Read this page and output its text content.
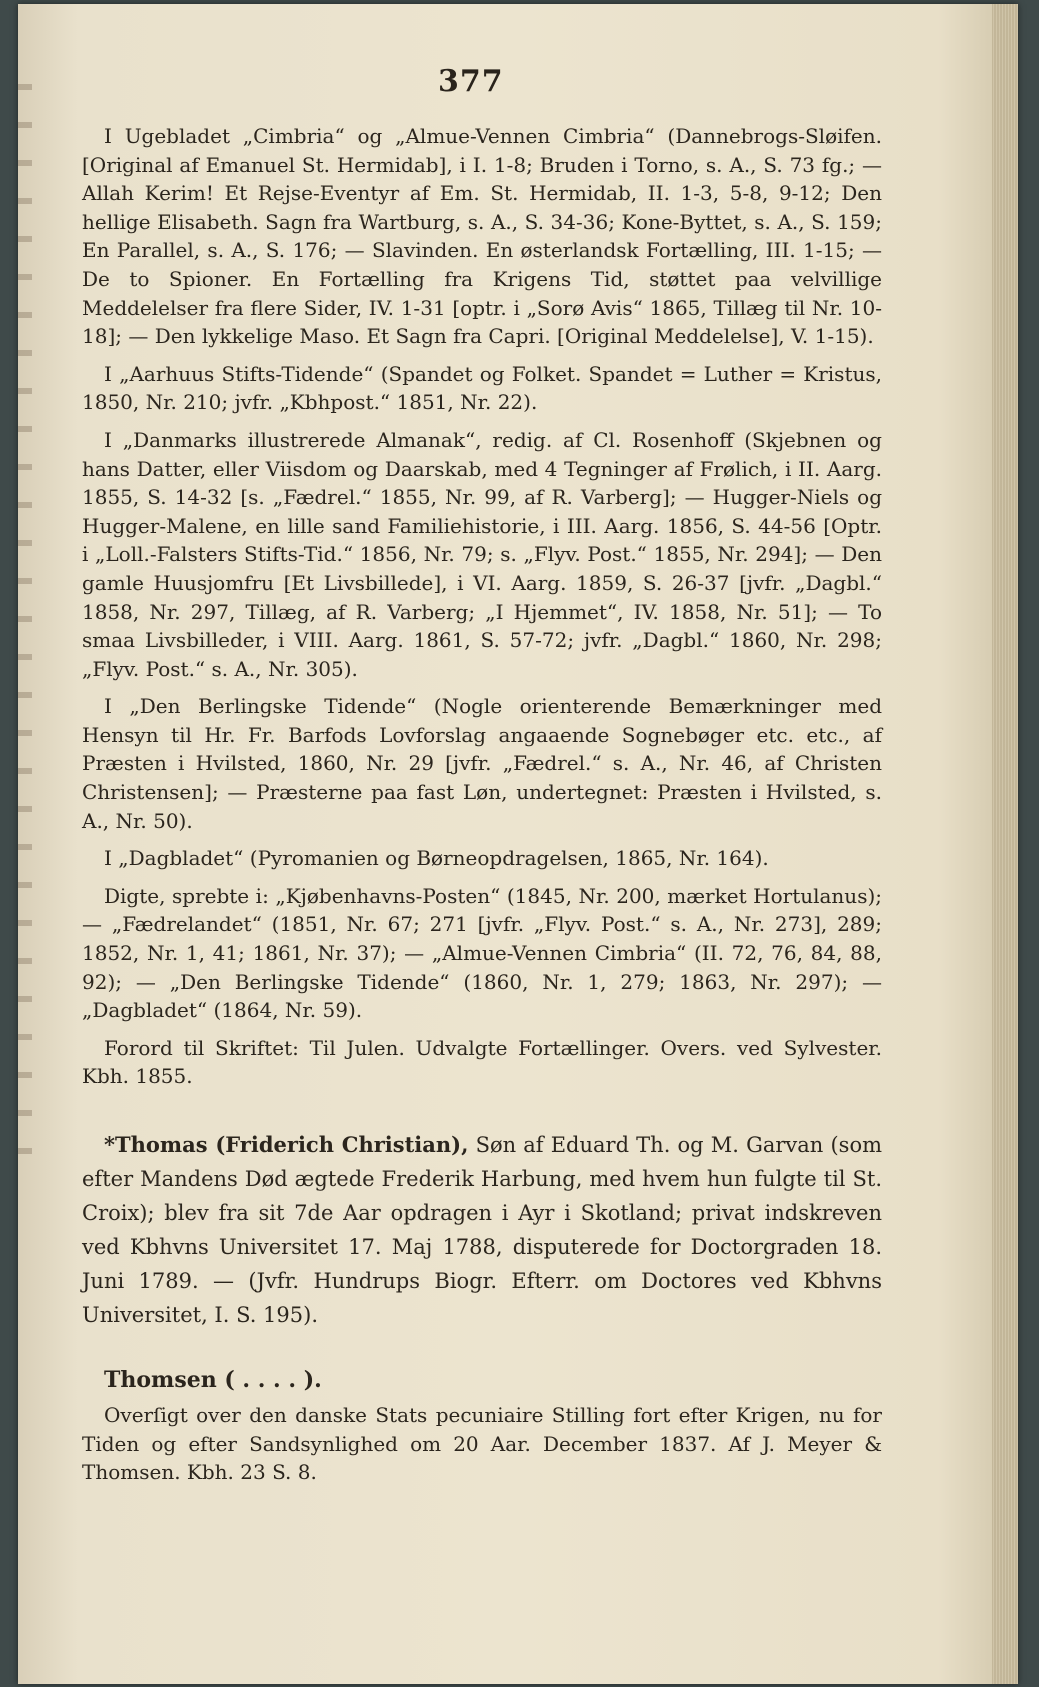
377

I Ugebladet „Cimbria“ og „Almue-Vennen Cimbria“ (Dannebrogs-Sløifen. [Original af Emanuel St. Hermidab], i I. 1-8; Bruden i Torno, s. A., S. 73 fg.; — Allah Kerim! Et Rejse-Eventyr af Em. St. Hermidab, II. 1-3, 5-8, 9-12; Den hellige Elisabeth. Sagn fra Wartburg, s. A., S. 34-36; Kone-Byttet, s. A., S. 159; En Parallel, s. A., S. 176; — Slavinden. En østerlandsk Fortælling, III. 1-15; — De to Spioner. En Fortælling fra Krigens Tid, støttet paa velvillige Meddelelser fra flere Sider, IV. 1-31 [optr. i „Sorø Avis“ 1865, Tillæg til Nr. 10-18]; — Den lykkelige Maso. Et Sagn fra Capri. [Original Meddelelse], V. 1-15).

I „Aarhuus Stifts-Tidende“ (Spandet og Folket. Spandet = Luther = Kristus, 1850, Nr. 210; jvfr. „Kbhpost.“ 1851, Nr. 22).

I „Danmarks illustrerede Almanak“, redig. af Cl. Rosenhoff (Skjebnen og hans Datter, eller Viisdom og Daarskab, med 4 Tegninger af Frølich, i II. Aarg. 1855, S. 14-32 [s. „Fædrel.“ 1855, Nr. 99, af R. Varberg]; — Hugger-Niels og Hugger-Malene, en lille sand Familiehistorie, i III. Aarg. 1856, S. 44-56 [Optr. i „Loll.-Falsters Stifts-Tid.“ 1856, Nr. 79; s. „Flyv. Post.“ 1855, Nr. 294]; — Den gamle Huusjomfru [Et Livsbillede], i VI. Aarg. 1859, S. 26-37 [jvfr. „Dagbl.“ 1858, Nr. 297, Tillæg, af R. Varberg; „I Hjemmet“, IV. 1858, Nr. 51]; — To smaa Livsbilleder, i VIII. Aarg. 1861, S. 57-72; jvfr. „Dagbl.“ 1860, Nr. 298; „Flyv. Post.“ s. A., Nr. 305).

I „Den Berlingske Tidende“ (Nogle orienterende Bemærkninger med Hensyn til Hr. Fr. Barfods Lovforslag angaaende Sognebøger etc. etc., af Præsten i Hvilsted, 1860, Nr. 29 [jvfr. „Fædrel.“ s. A., Nr. 46, af Christen Christensen]; — Præsterne paa fast Løn, undertegnet: Præsten i Hvilsted, s. A., Nr. 50).

I „Dagbladet“ (Pyromanien og Børneopdragelsen, 1865, Nr. 164).

Digte, sprebte i: „Kjøbenhavns-Posten“ (1845, Nr. 200, mærket Hortulanus); — „Fædrelandet“ (1851, Nr. 67; 271 [jvfr. „Flyv. Post.“ s. A., Nr. 273], 289; 1852, Nr. 1, 41; 1861, Nr. 37); — „Almue-Vennen Cimbria“ (II. 72, 76, 84, 88, 92); — „Den Berlingske Tidende“ (1860, Nr. 1, 279; 1863, Nr. 297); — „Dagbladet“ (1864, Nr. 59).

Forord til Skriftet: Til Julen. Udvalgte Fortællinger. Overs. ved Sylvester. Kbh. 1855.

*Thomas (Friderich Christian), Søn af Eduard Th. og M. Garvan (som efter Mandens Død ægtede Frederik Harbung, med hvem hun fulgte til St. Croix); blev fra sit 7de Aar opdragen i Ayr i Skotland; privat indskreven ved Kbhvns Universitet 17. Maj 1788, disputerede for Doctorgraden 18. Juni 1789. — (Jvfr. Hundrups Biogr. Efterr. om Doctores ved Kbhvns Universitet, I. S. 195).

Thomsen ( . . . . ).

Overſigt over den danske Stats pecuniaire Stilling fort efter Krigen, nu for Tiden og efter Sandsynlighed om 20 Aar. December 1837. Af J. Meyer & Thomsen. Kbh. 23 S. 8.
